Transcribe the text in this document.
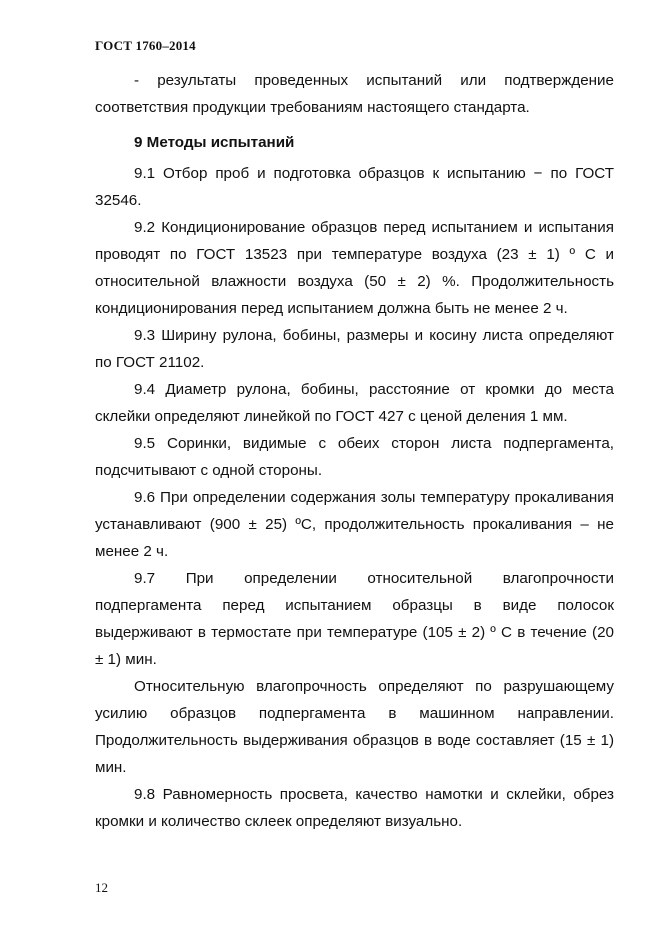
ГОСТ 1760–2014

- результаты проведенных испытаний или подтверждение соответствия продукции требованиям настоящего стандарта.

9 Методы испытаний

9.1 Отбор проб и подготовка образцов к испытанию − по ГОСТ 32546.

9.2 Кондиционирование образцов перед испытанием и испытания проводят по ГОСТ 13523 при температуре воздуха (23 ± 1) º С и относительной влажности воздуха (50 ± 2) %. Продолжительность кондиционирования перед испытанием должна быть не менее 2 ч.

9.3 Ширину рулона, бобины, размеры и косину листа определяют по ГОСТ 21102.

9.4 Диаметр рулона, бобины, расстояние от кромки до места склейки определяют линейкой по ГОСТ 427 с ценой деления 1 мм.

9.5 Соринки, видимые с обеих сторон листа подпергамента, подсчитывают с одной стороны.

9.6 При определении содержания золы температуру прокаливания устанавливают (900 ± 25) ºС, продолжительность прокаливания – не менее 2 ч.

9.7 При определении относительной влагопрочности подпергамента перед испытанием образцы в виде полосок выдерживают в термостате при температуре (105 ± 2) º С в течение (20 ± 1) мин.

Относительную влагопрочность определяют по разрушающему усилию образцов подпергамента в машинном направлении. Продолжительность выдерживания образцов в воде составляет (15 ± 1) мин.

9.8 Равномерность просвета, качество намотки и склейки, обрез кромки и количество склеек определяют визуально.

12
